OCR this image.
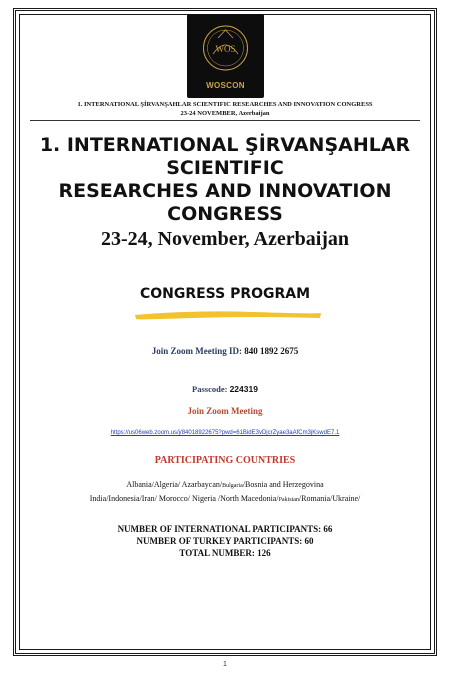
WOS
WOSCON
1. INTERNATIONAL ŞİRVANŞAHLAR SCIENTIFIC RESEARCHES AND INNOVATION CONGRESS
23-24 NOVEMBER, Azerbaijan
1. INTERNATIONAL ŞİRVANŞAHLAR
SCIENTIFIC
RESEARCHES AND INNOVATION
CONGRESS
23-24, November, Azerbaijan
CONGRESS PROGRAM
Join Zoom Meeting ID: 840 1892 2675
Passcode: 224319
Join Zoom Meeting
https://us06web.zoom.us/j/84018922675?pwd=61BidE3vDjcrZyae3aAfCm3jKswdE7.1
PARTICIPATING COUNTRIES
Albania/Algeria/ Azarbaycan/Bulgaria/Bosnia and Herzegovina
India/Indonesia/Iran/ Morocco/ Nigeria /North Macedonia/Pakistan/Romania/Ukraine/
NUMBER OF INTERNATIONAL PARTICIPANTS: 66
NUMBER OF TURKEY PARTICIPANTS: 60
TOTAL NUMBER: 126
1
